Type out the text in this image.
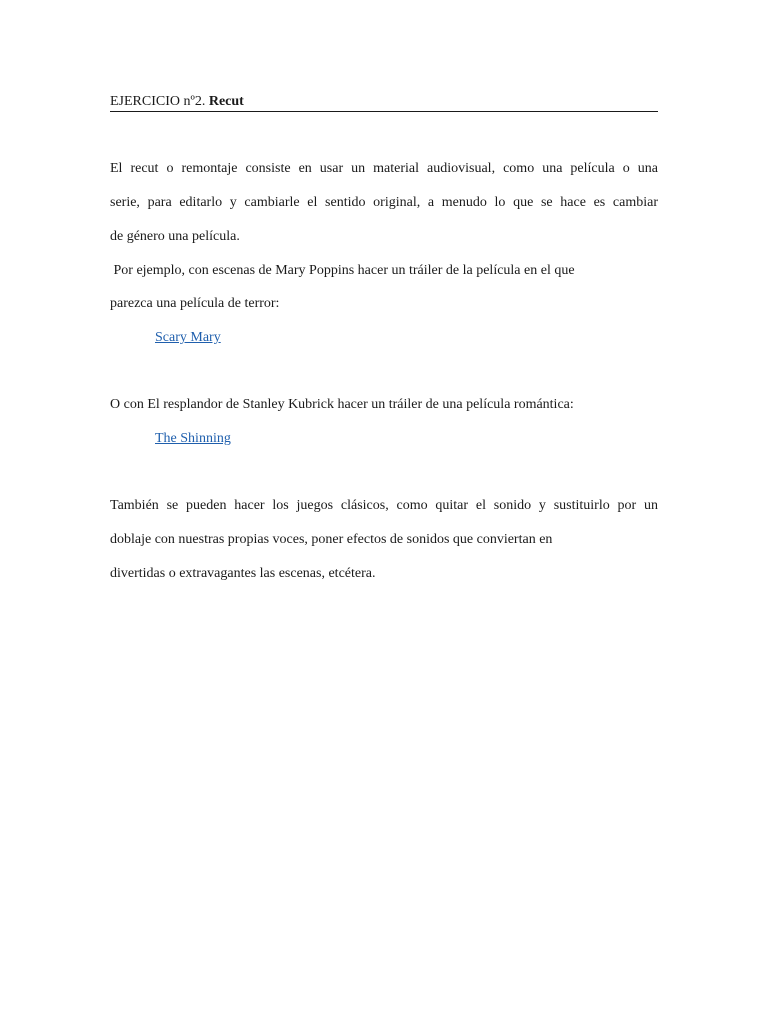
EJERCICIO nº2. Recut
El recut o remontaje consiste en usar un material audiovisual, como una película o una
serie, para editarlo y cambiarle el sentido original, a menudo lo que se hace es cambiar
de género una película.
Por ejemplo, con escenas de Mary Poppins hacer un tráiler de la película en el que
parezca una película de terror:
Scary Mary
O con El resplandor de Stanley Kubrick hacer un tráiler de una película romántica:
The Shinning
También se pueden hacer los juegos clásicos, como quitar el sonido y sustituirlo por un
doblaje con nuestras propias voces, poner efectos de sonidos que conviertan en
divertidas o extravagantes las escenas, etcétera.
